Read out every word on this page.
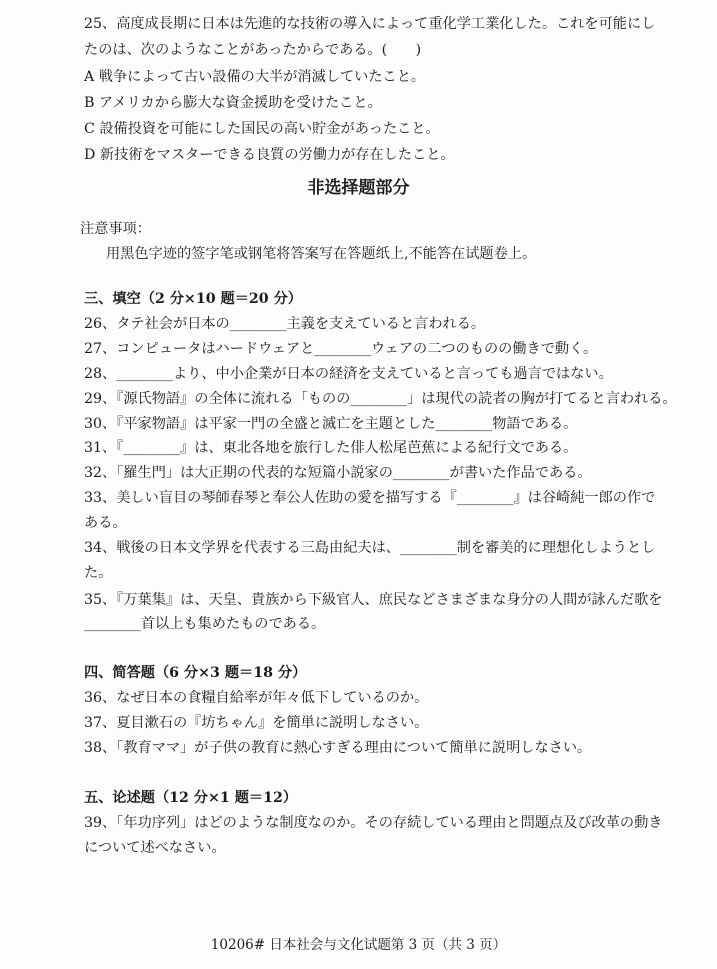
25、高度成長期に日本は先進的な技術の導入によって重化学工業化した。これを可能にし
たのは、次のようなことがあったからである。(　　)
A 戦争によって古い設備の大半が消滅していたこと。
B アメリカから膨大な資金援助を受けたこと。
C 設備投資を可能にした国民の高い貯金があったこと。
D 新技術をマスターできる良質の労働力が存在したこと。
非选择题部分
注意事项：
用黑色字迹的签字笔或钢笔将答案写在答题纸上,不能答在试题卷上。
三、填空（2 分×10 题＝20 分）
26、タテ社会が日本の________主義を支えていると言われる。
27、コンピュータはハードウェアと________ウェアの二つのものの働きで動く。
28、________より、中小企業が日本の経済を支えていると言っても過言ではない。
29、『源氏物語』の全体に流れる「ものの________」は現代の読者の胸が打てると言われる。
30、『平家物語』は平家一門の全盛と滅亡を主題とした________物語である。
31、『________』は、東北各地を旅行した俳人松尾芭蕉による紀行文である。
32、「羅生門」は大正期の代表的な短篇小説家の________が書いた作品である。
33、美しい盲目の琴師春琴と奉公人佐助の愛を描写する『________』は谷崎純一郎の作で
ある。
34、戦後の日本文学界を代表する三島由紀夫は、________制を審美的に理想化しようとし
た。
35、『万葉集』は、天皇、貴族から下級官人、庶民などさまざまな身分の人間が詠んだ歌を
________首以上も集めたものである。
四、简答题（6 分×3 题＝18 分）
36、なぜ日本の食糧自給率が年々低下しているのか。
37、夏目漱石の『坊ちゃん』を簡単に説明しなさい。
38、「教育ママ」が子供の教育に熱心すぎる理由について簡単に説明しなさい。
五、论述题（12 分×1 题＝12）
39、「年功序列」はどのような制度なのか。その存続している理由と問題点及び改革の動き
について述べなさい。
10206# 日本社会与文化试题第 3 页（共 3 页）
